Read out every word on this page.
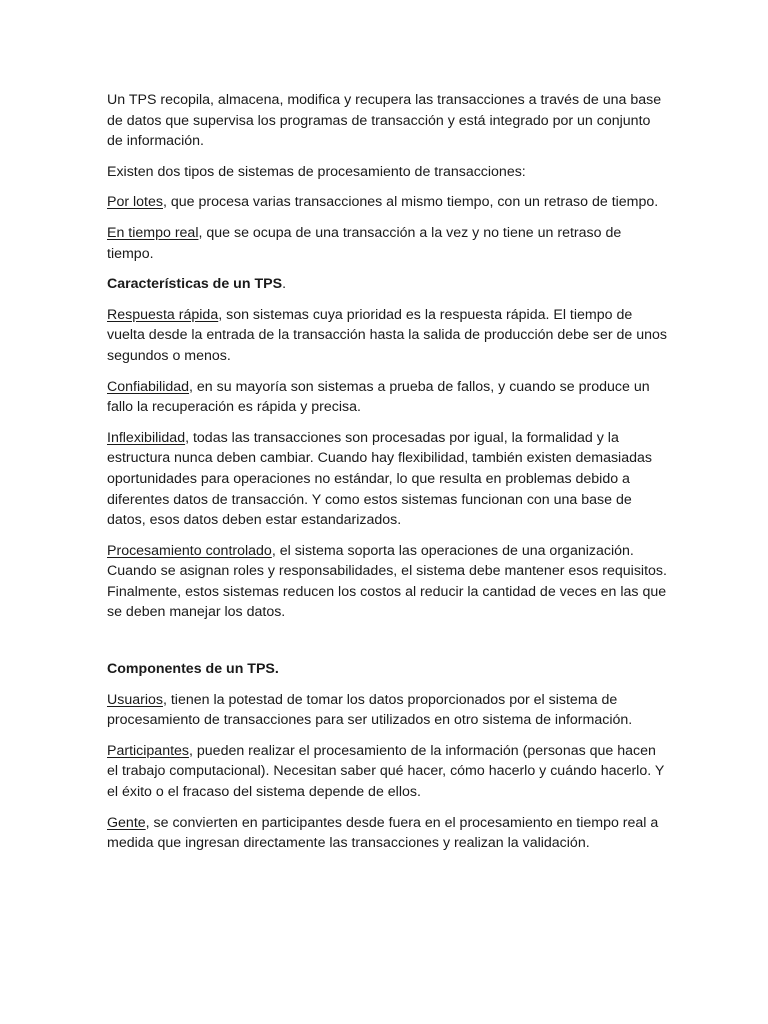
Un TPS recopila, almacena, modifica y recupera las transacciones a través de una base de datos que supervisa los programas de transacción y está integrado por un conjunto de información.

Existen dos tipos de sistemas de procesamiento de transacciones:

Por lotes, que procesa varias transacciones al mismo tiempo, con un retraso de tiempo.

En tiempo real, que se ocupa de una transacción a la vez y no tiene un retraso de tiempo.

Características de un TPS.

Respuesta rápida, son sistemas cuya prioridad es la respuesta rápida. El tiempo de vuelta desde la entrada de la transacción hasta la salida de producción debe ser de unos segundos o menos.

Confiabilidad, en su mayoría son sistemas a prueba de fallos, y cuando se produce un fallo la recuperación es rápida y precisa.

Inflexibilidad, todas las transacciones son procesadas por igual, la formalidad y la estructura nunca deben cambiar. Cuando hay flexibilidad, también existen demasiadas oportunidades para operaciones no estándar, lo que resulta en problemas debido a diferentes datos de transacción. Y como estos sistemas funcionan con una base de datos, esos datos deben estar estandarizados.

Procesamiento controlado, el sistema soporta las operaciones de una organización. Cuando se asignan roles y responsabilidades, el sistema debe mantener esos requisitos. Finalmente, estos sistemas reducen los costos al reducir la cantidad de veces en las que se deben manejar los datos.

Componentes de un TPS.

Usuarios, tienen la potestad de tomar los datos proporcionados por el sistema de procesamiento de transacciones para ser utilizados en otro sistema de información.

Participantes, pueden realizar el procesamiento de la información (personas que hacen el trabajo computacional). Necesitan saber qué hacer, cómo hacerlo y cuándo hacerlo. Y el éxito o el fracaso del sistema depende de ellos.

Gente, se convierten en participantes desde fuera en el procesamiento en tiempo real a medida que ingresan directamente las transacciones y realizan la validación.
